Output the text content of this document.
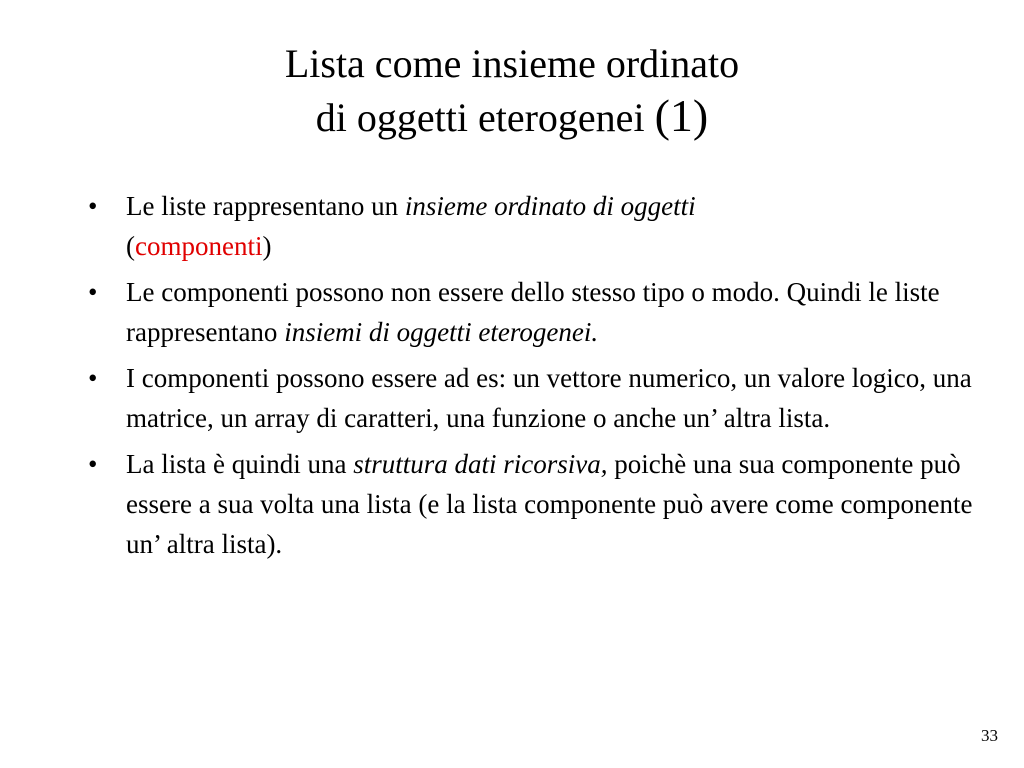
Lista come insieme ordinato
di oggetti eterogenei (1)
• Le liste rappresentano un insieme ordinato di oggetti
(componenti)
• Le componenti possono non essere dello stesso tipo o modo. Quindi le liste rappresentano insiemi di oggetti eterogenei.
• I componenti possono essere ad es: un vettore numerico, un valore logico, una matrice, un array di caratteri, una funzione o anche un’ altra lista.
• La lista è quindi una struttura dati ricorsiva, poichè una sua componente può essere a sua volta una lista (e la lista componente può avere come componente un’ altra lista).
33
